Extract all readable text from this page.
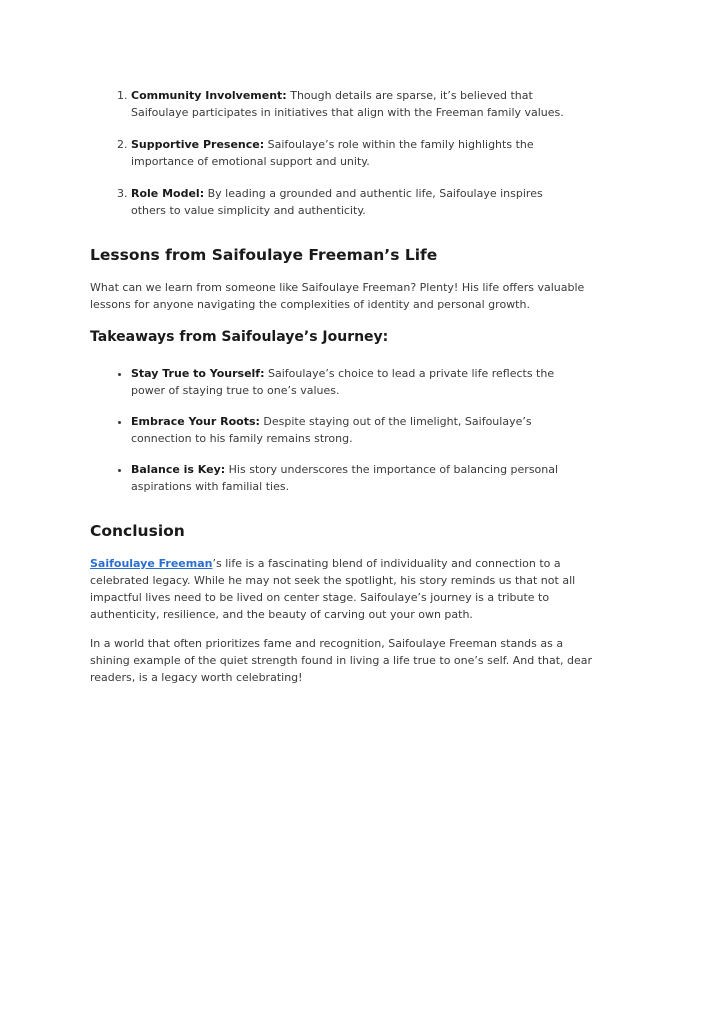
1. Community Involvement: Though details are sparse, it’s believed that Saifoulaye participates in initiatives that align with the Freeman family values.
2. Supportive Presence: Saifoulaye’s role within the family highlights the importance of emotional support and unity.
3. Role Model: By leading a grounded and authentic life, Saifoulaye inspires others to value simplicity and authenticity.
Lessons from Saifoulaye Freeman’s Life

What can we learn from someone like Saifoulaye Freeman? Plenty! His life offers valuable lessons for anyone navigating the complexities of identity and personal growth.

Takeaways from Saifoulaye’s Journey:
• Stay True to Yourself: Saifoulaye’s choice to lead a private life reflects the power of staying true to one’s values.
• Embrace Your Roots: Despite staying out of the limelight, Saifoulaye’s connection to his family remains strong.
• Balance is Key: His story underscores the importance of balancing personal aspirations with familial ties.
Conclusion

Saifoulaye Freeman’s life is a fascinating blend of individuality and connection to a celebrated legacy. While he may not seek the spotlight, his story reminds us that not all impactful lives need to be lived on center stage. Saifoulaye’s journey is a tribute to authenticity, resilience, and the beauty of carving out your own path.

In a world that often prioritizes fame and recognition, Saifoulaye Freeman stands as a shining example of the quiet strength found in living a life true to one’s self. And that, dear readers, is a legacy worth celebrating!
